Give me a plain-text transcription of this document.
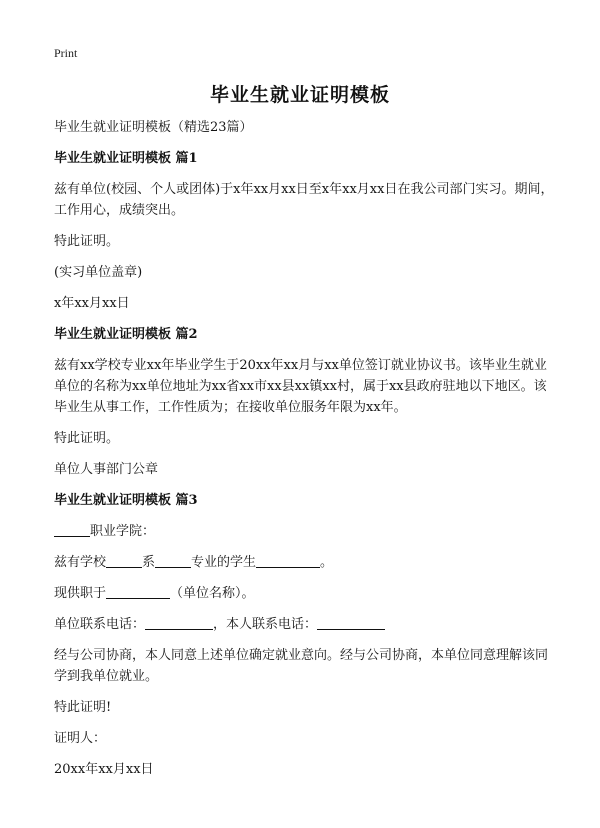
Print
毕业生就业证明模板

毕业生就业证明模板（精选23篇）

毕业生就业证明模板 篇1

兹有单位(校园、个人或团体)于x年xx月xx日至x年xx月xx日在我公司部门实习。期间，工作用心，成绩突出。

特此证明。

(实习单位盖章)

x年xx月xx日

毕业生就业证明模板 篇2

兹有xx学校专业xx年毕业学生于20xx年xx月与xx单位签订就业协议书。该毕业生就业单位的名称为xx单位地址为xx省xx市xx县xx镇xx村，属于xx县政府驻地以下地区。该毕业生从事工作，工作性质为；在接收单位服务年限为xx年。

特此证明。

单位人事部门公章

毕业生就业证明模板 篇3

职业学院：

兹有学校	系	专业的学生	。

现供职于	（单位名称）。

单位联系电话：	，本人联系电话：

经与公司协商，本人同意上述单位确定就业意向。经与公司协商，本单位同意理解该同学到我单位就业。

特此证明!

证明人：

20xx年xx月xx日
